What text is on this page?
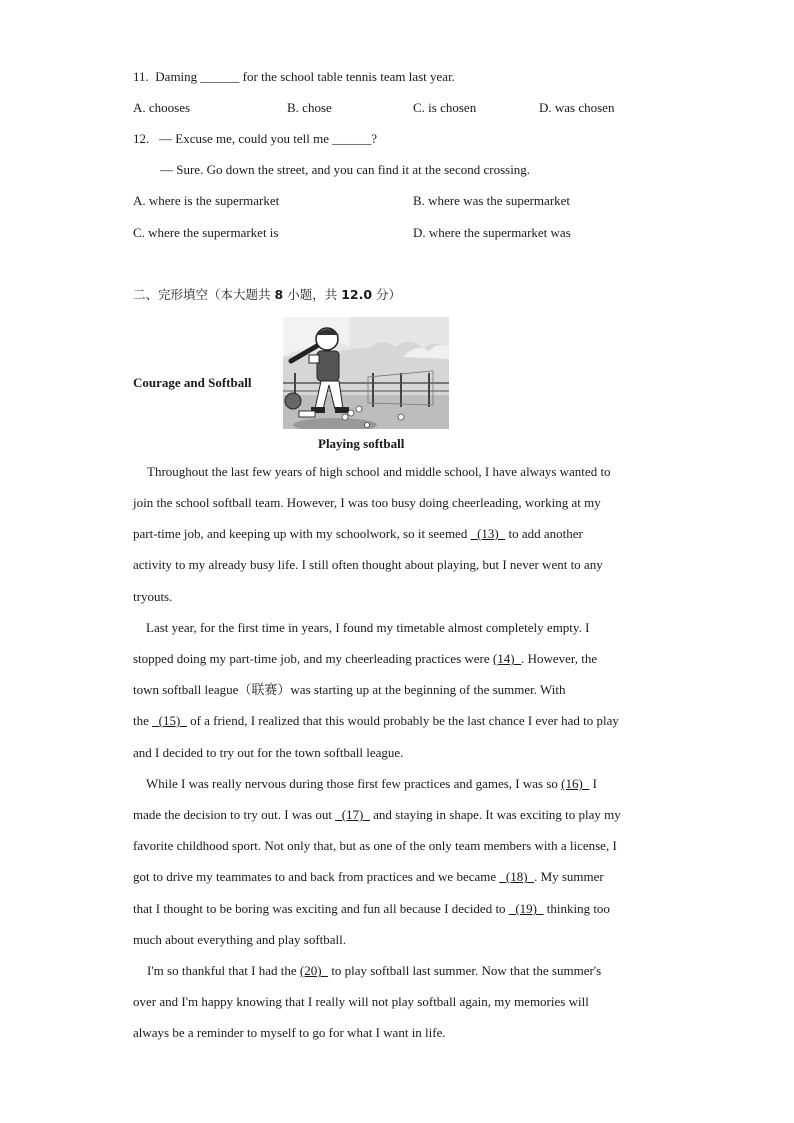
11. Daming ______ for the school table tennis team last year.
A. chooses	B. chose	C. is chosen	D. was chosen
12. — Excuse me, could you tell me ______?
— Sure. Go down the street, and you can find it at the second crossing.
A. where is the supermarket	B. where was the supermarket
C. where the supermarket is	D. where the supermarket was
二、完形填空（本大题共 8 小题，共 12.0 分）
Courage and Softball
Playing softball
Throughout the last few years of high school and middle school, I have always wanted to
join the school softball team. However, I was too busy doing cheerleading, working at my
part-time job, and keeping up with my schoolwork, so it seemed _(13)_ to add another
activity to my already busy life. I still often thought about playing, but I never went to any
tryouts.
Last year, for the first time in years, I found my timetable almost completely empty. I
stopped doing my part-time job, and my cheerleading practices were (14)_. However, the
town softball league（联赛）was starting up at the beginning of the summer. With
the _(15)_ of a friend, I realized that this would probably be the last chance I ever had to play
and I decided to try out for the town softball league.
While I was really nervous during those first few practices and games, I was so (16)_ I
made the decision to try out. I was out _(17)_ and staying in shape. It was exciting to play my
favorite childhood sport. Not only that, but as one of the only team members with a license, I
got to drive my teammates to and back from practices and we became _(18)_. My summer
that I thought to be boring was exciting and fun all because I decided to _(19)_ thinking too
much about everything and play softball.
I'm so thankful that I had the (20)_ to play softball last summer. Now that the summer's
over and I'm happy knowing that I really will not play softball again, my memories will
always be a reminder to myself to go for what I want in life.
